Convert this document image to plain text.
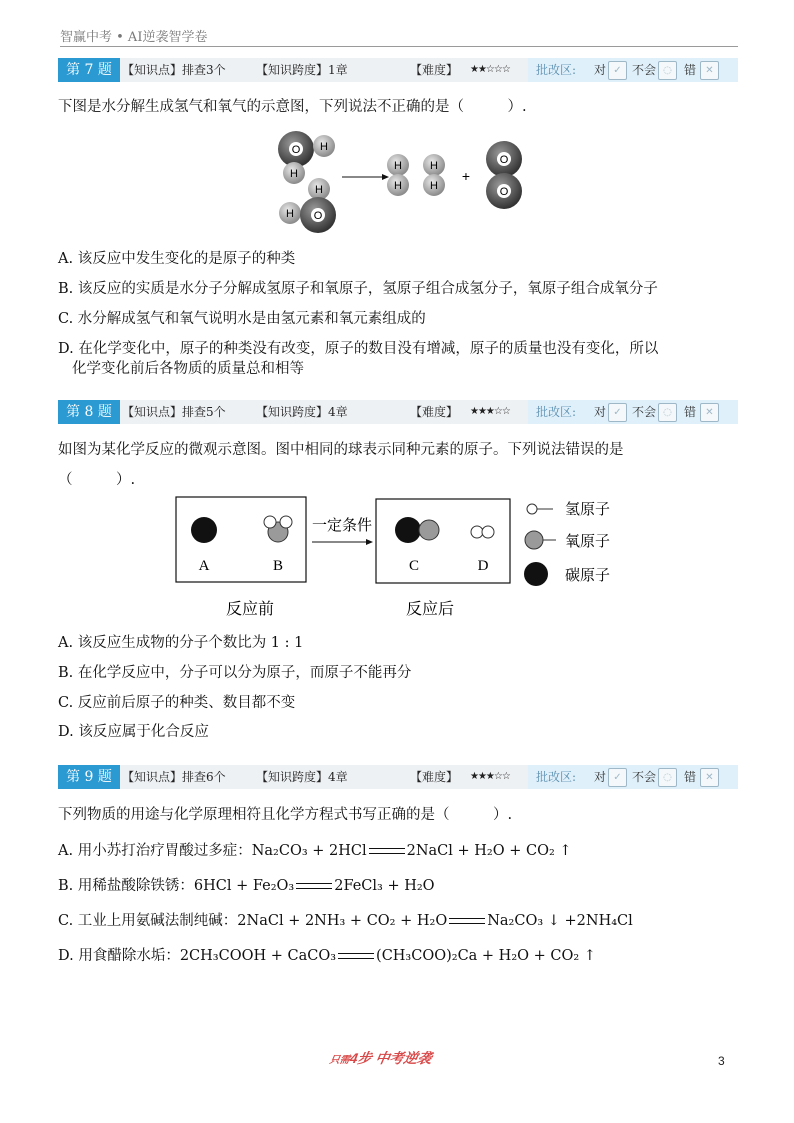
智赢中考 • AI逆袭智学卷
第 7 题 【知识点】排查3个	【知识跨度】1章	【难度】 ★★☆☆☆ 批改区: 对 ✓ 不会 ◌	错 ✕
下图是水分解生成氢气和氧气的示意图，下列说法不正确的是（　　　）.
O H
H
H
H O
H
H
H
H
+
O
O
A. 该反应中发生变化的是原子的种类
B. 该反应的实质是水分子分解成氢原子和氧原子，氢原子组合成氢分子，氧原子组合成氧分子
C. 水分解成氢气和氧气说明水是由氢元素和氧元素组成的
D. 在化学变化中，原子的种类没有改变，原子的数目没有增减，原子的质量也没有变化，所以
化学变化前后各物质的质量总和相等
第 8 题 【知识点】排查5个	【知识跨度】4章	【难度】 ★★★☆☆ 批改区: 对 ✓ 不会 ◌	错 ✕
如图为某化学反应的微观示意图。图中相同的球表示同种元素的原子。下列说法错误的是
（　　　）.
A	B
一定条件
C	D
反应前	反应后
氢原子
氧原子
碳原子
A. 该反应生成物的分子个数比为 1 : 1
B. 在化学反应中，分子可以分为原子，而原子不能再分
C. 反应前后原子的种类、数目都不变
D. 该反应属于化合反应
第 9 题 【知识点】排查6个	【知识跨度】4章	【难度】 ★★★☆☆ 批改区: 对 ✓ 不会 ◌	错 ✕
下列物质的用途与化学原理相符且化学方程式书写正确的是（　　　）.
A. 用小苏打治疗胃酸过多症：Na₂CO₃ + 2HCl	2NaCl + H₂O + CO₂ ↑
B. 用稀盐酸除铁锈：6HCl + Fe₂O₃	2FeCl₃ + H₂O
C. 工业上用氨碱法制纯碱：2NaCl + 2NH₃ + CO₂ + H₂O	Na₂CO₃ ↓ +2NH₄Cl
D. 用食醋除水垢：2CH₃COOH + CaCO₃	(CH₃COO)₂Ca + H₂O + CO₂ ↑
只需4步 中考逆袭	3
